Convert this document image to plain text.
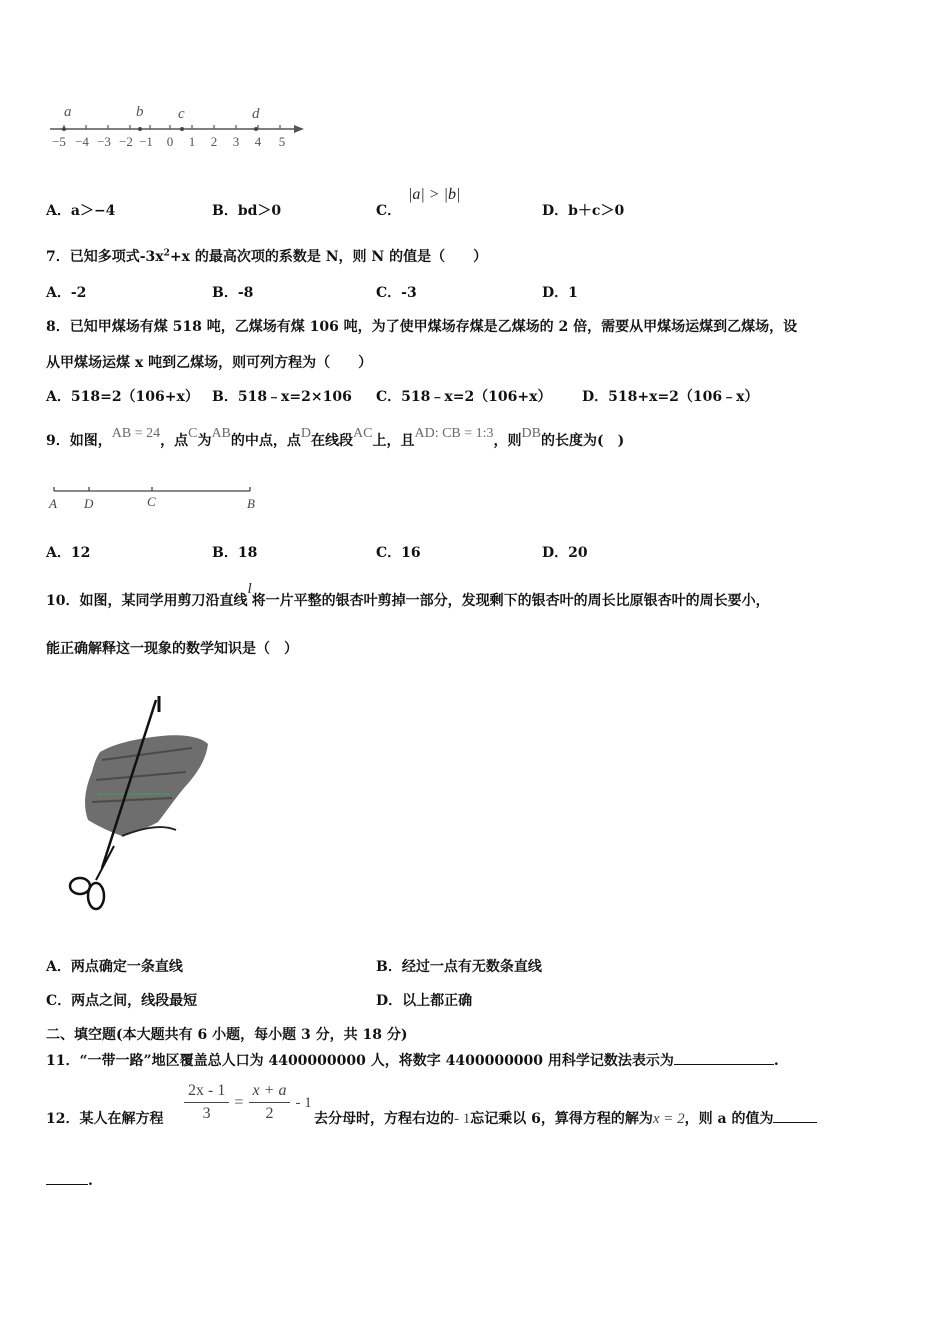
a	b c	d
−5 −4 −3 −2 −1 0 1 2 3 4 5
A．a＞−4	B．bd＞0	C．
|a| > |b|
D．b＋c＞0
7．已知多项式$-3x^2+x$ 的最高次项的系数是 N，则 N 的值是（　　）
A．-2	B．-8	C．-3	D．1
8．已知甲煤场有煤 518 吨，乙煤场有煤 106 吨，为了使甲煤场存煤是乙煤场的 2 倍，需要从甲煤场运煤到乙煤场，设
从甲煤场运煤 x 吨到乙煤场，则可列方程为（　　）
A．518=2（106+x） B．518﹣x=2×106 C．518﹣x=2（106+x） D．518+x=2（106﹣x）
9．如图，AB = 24，点C为AB的中点，点D在线段AC上，且AD: CB = 1:3，则DB的长度为(　)
A D	C	B
A．12	B．18	C．16	D．20
10．如图，某同学用剪刀沿直线l将一片平整的银杏叶剪掉一部分，发现剩下的银杏叶的周长比原银杏叶的周长要小，
能正确解释这一现象的数学知识是（　）
A．两点确定一条直线	B．经过一点有无数条直线
C．两点之间，线段最短	D．以上都正确
二、填空题(本大题共有 6 小题，每小题 3 分，共 18 分)
11．“一带一路”地区覆盖总人口为 4400000000 人，将数字 4400000000 用科学记数法表示为	.
12．某人在解方程 $\frac{2x - 1}{3} = \frac{x + a}{2} - 1$
去分母时，方程右边的- 1忘记乘以 6，算得方程的解为x = 2，则 a 的值为
.
